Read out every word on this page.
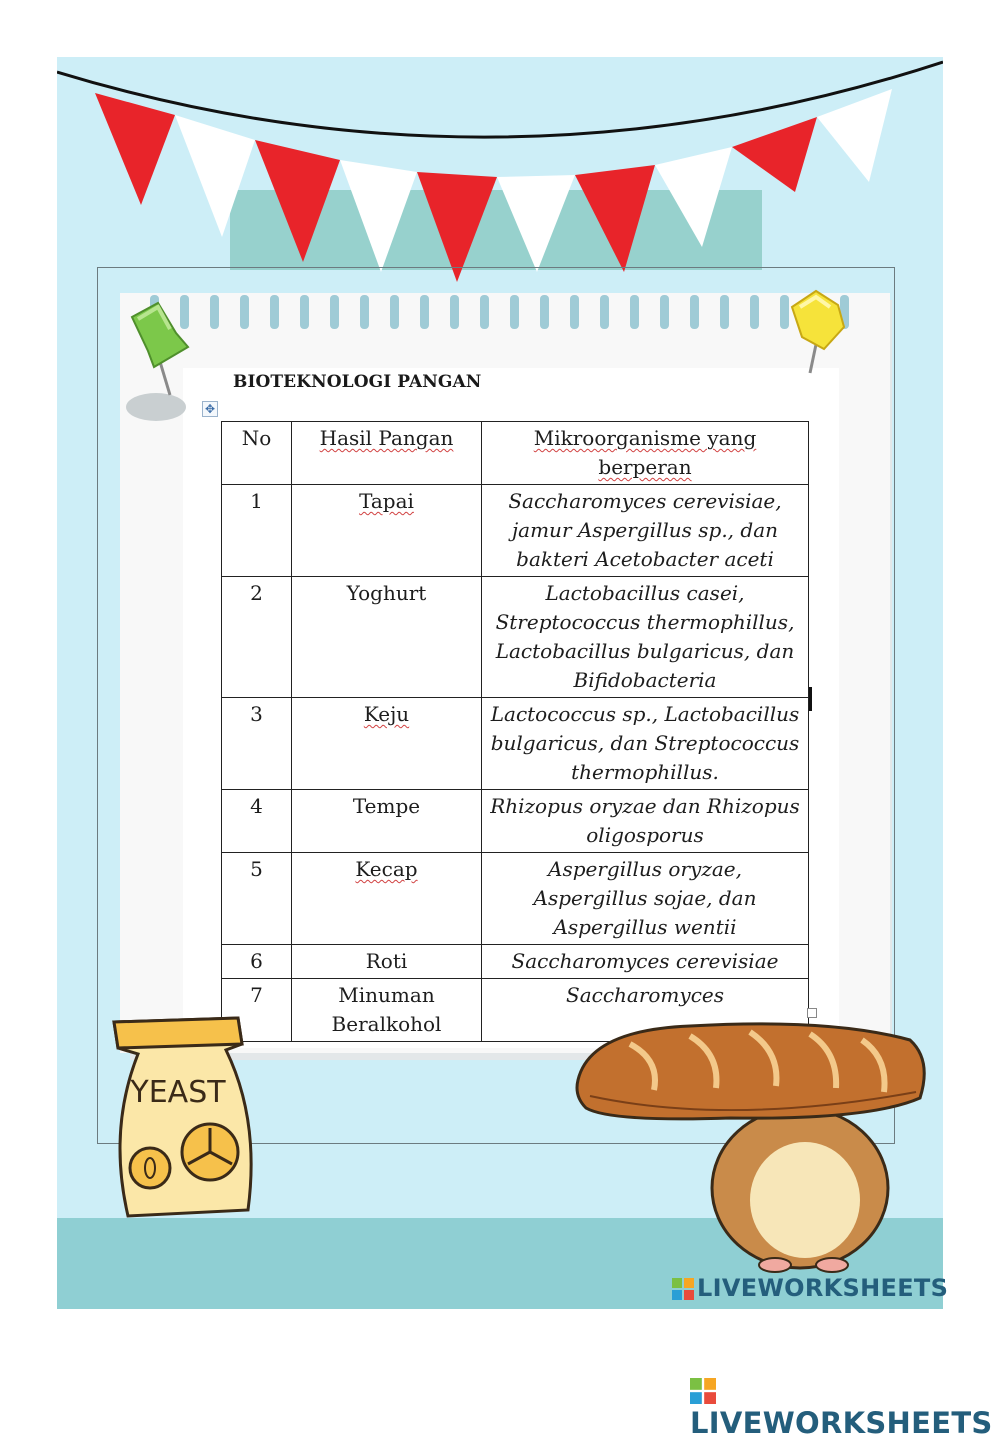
BIOTEKNOLOGI PANGAN
✥
No	Hasil Pangan	Mikroorganisme yang berperan
1	Tapai	Saccharomyces cerevisiae, jamur Aspergillus sp., dan bakteri Acetobacter aceti
2	Yoghurt	Lactobacillus casei, Streptococcus thermophillus, Lactobacillus bulgaricus, dan Bifidobacteria
3	Keju	Lactococcus sp., Lactobacillus bulgaricus, dan Streptococcus thermophillus.
4	Tempe	Rhizopus oryzae dan Rhizopus oligosporus
5	Kecap	Aspergillus oryzae, Aspergillus sojae, dan Aspergillus wentii
6	Roti	Saccharomyces cerevisiae
7	Minuman Beralkohol	Saccharomyces
YEAST
LIVEWORKSHEETS
LIVEWORKSHEETS
